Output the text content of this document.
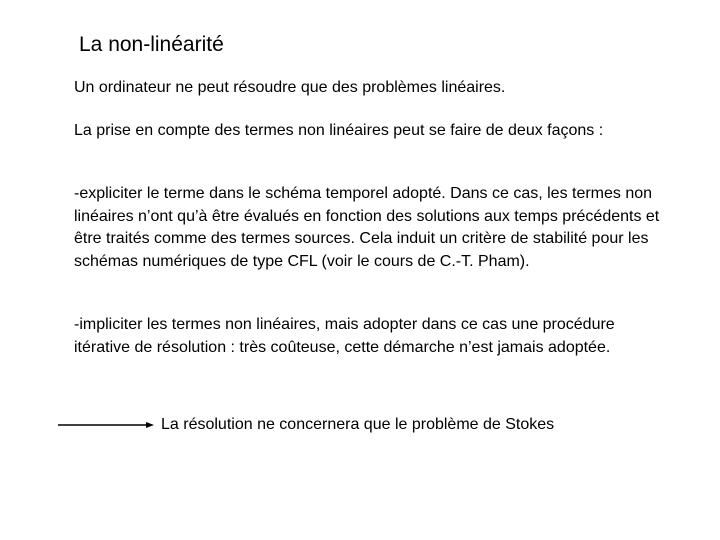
La non-linéarité

Un ordinateur ne peut résoudre que des problèmes linéaires.

La prise en compte des termes non linéaires peut se faire de deux façons :

-expliciter le terme dans le schéma temporel adopté. Dans ce cas, les termes non linéaires n’ont qu’à être évalués en fonction des solutions aux temps précédents et être traités comme des termes sources. Cela induit un critère de stabilité pour les schémas numériques de type CFL (voir le cours de C.-T. Pham).

-impliciter les termes non linéaires, mais adopter dans ce cas une procédure itérative de résolution : très coûteuse, cette démarche n’est jamais adoptée.

La résolution ne concernera que le problème de Stokes
